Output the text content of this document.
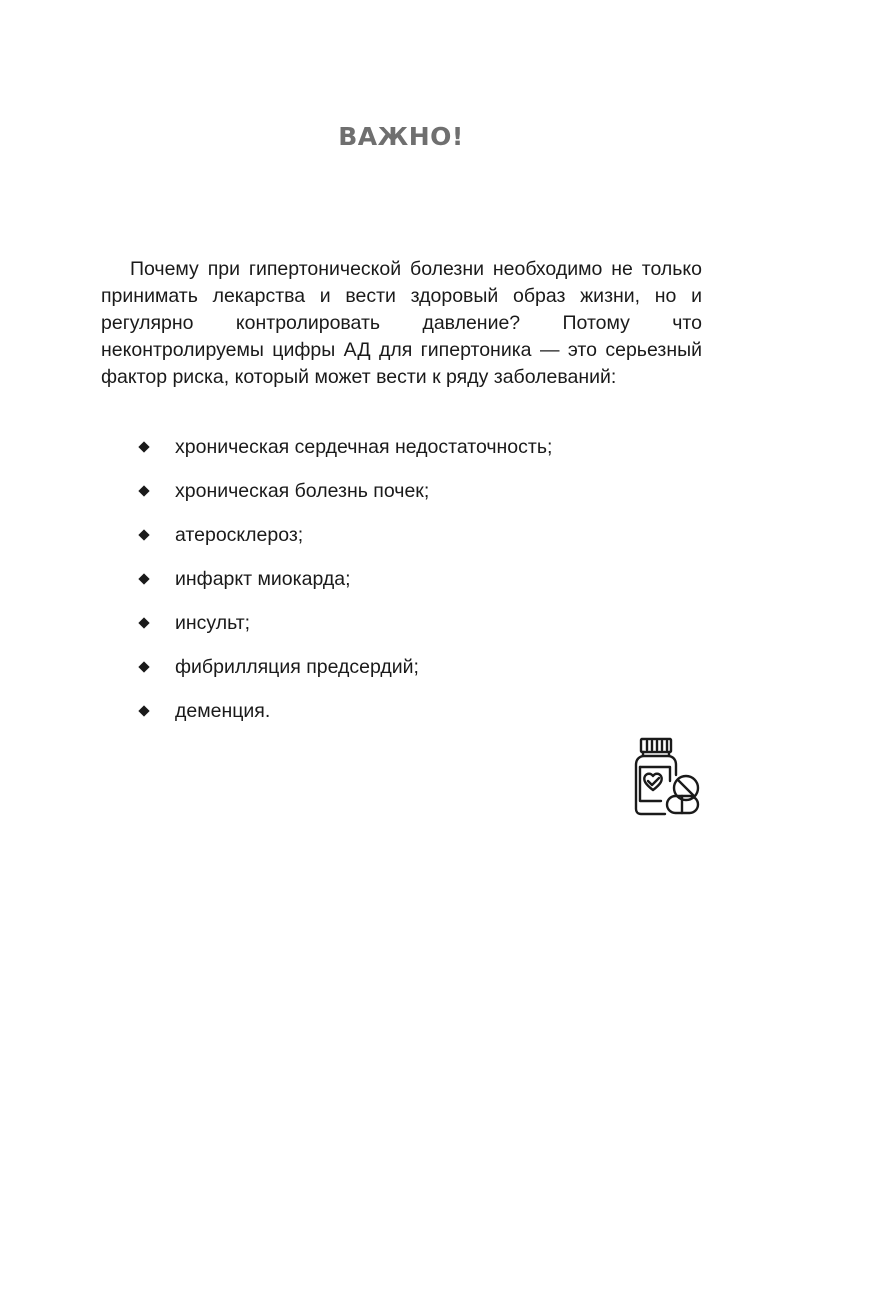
ВАЖНО!

Почему при гипертонической болезни необходимо не только принимать лекарства и вести здоровый образ жизни, но и регулярно контролировать давление? Потому что неконтролируемы цифры АД для гипертоника — это серьезный фактор риска, который может вести к ряду заболеваний:

хроническая сердечная недостаточность;
хроническая болезнь почек;
атеросклероз;
инфаркт миокарда;
инсульт;
фибрилляция предсердий;
деменция.
